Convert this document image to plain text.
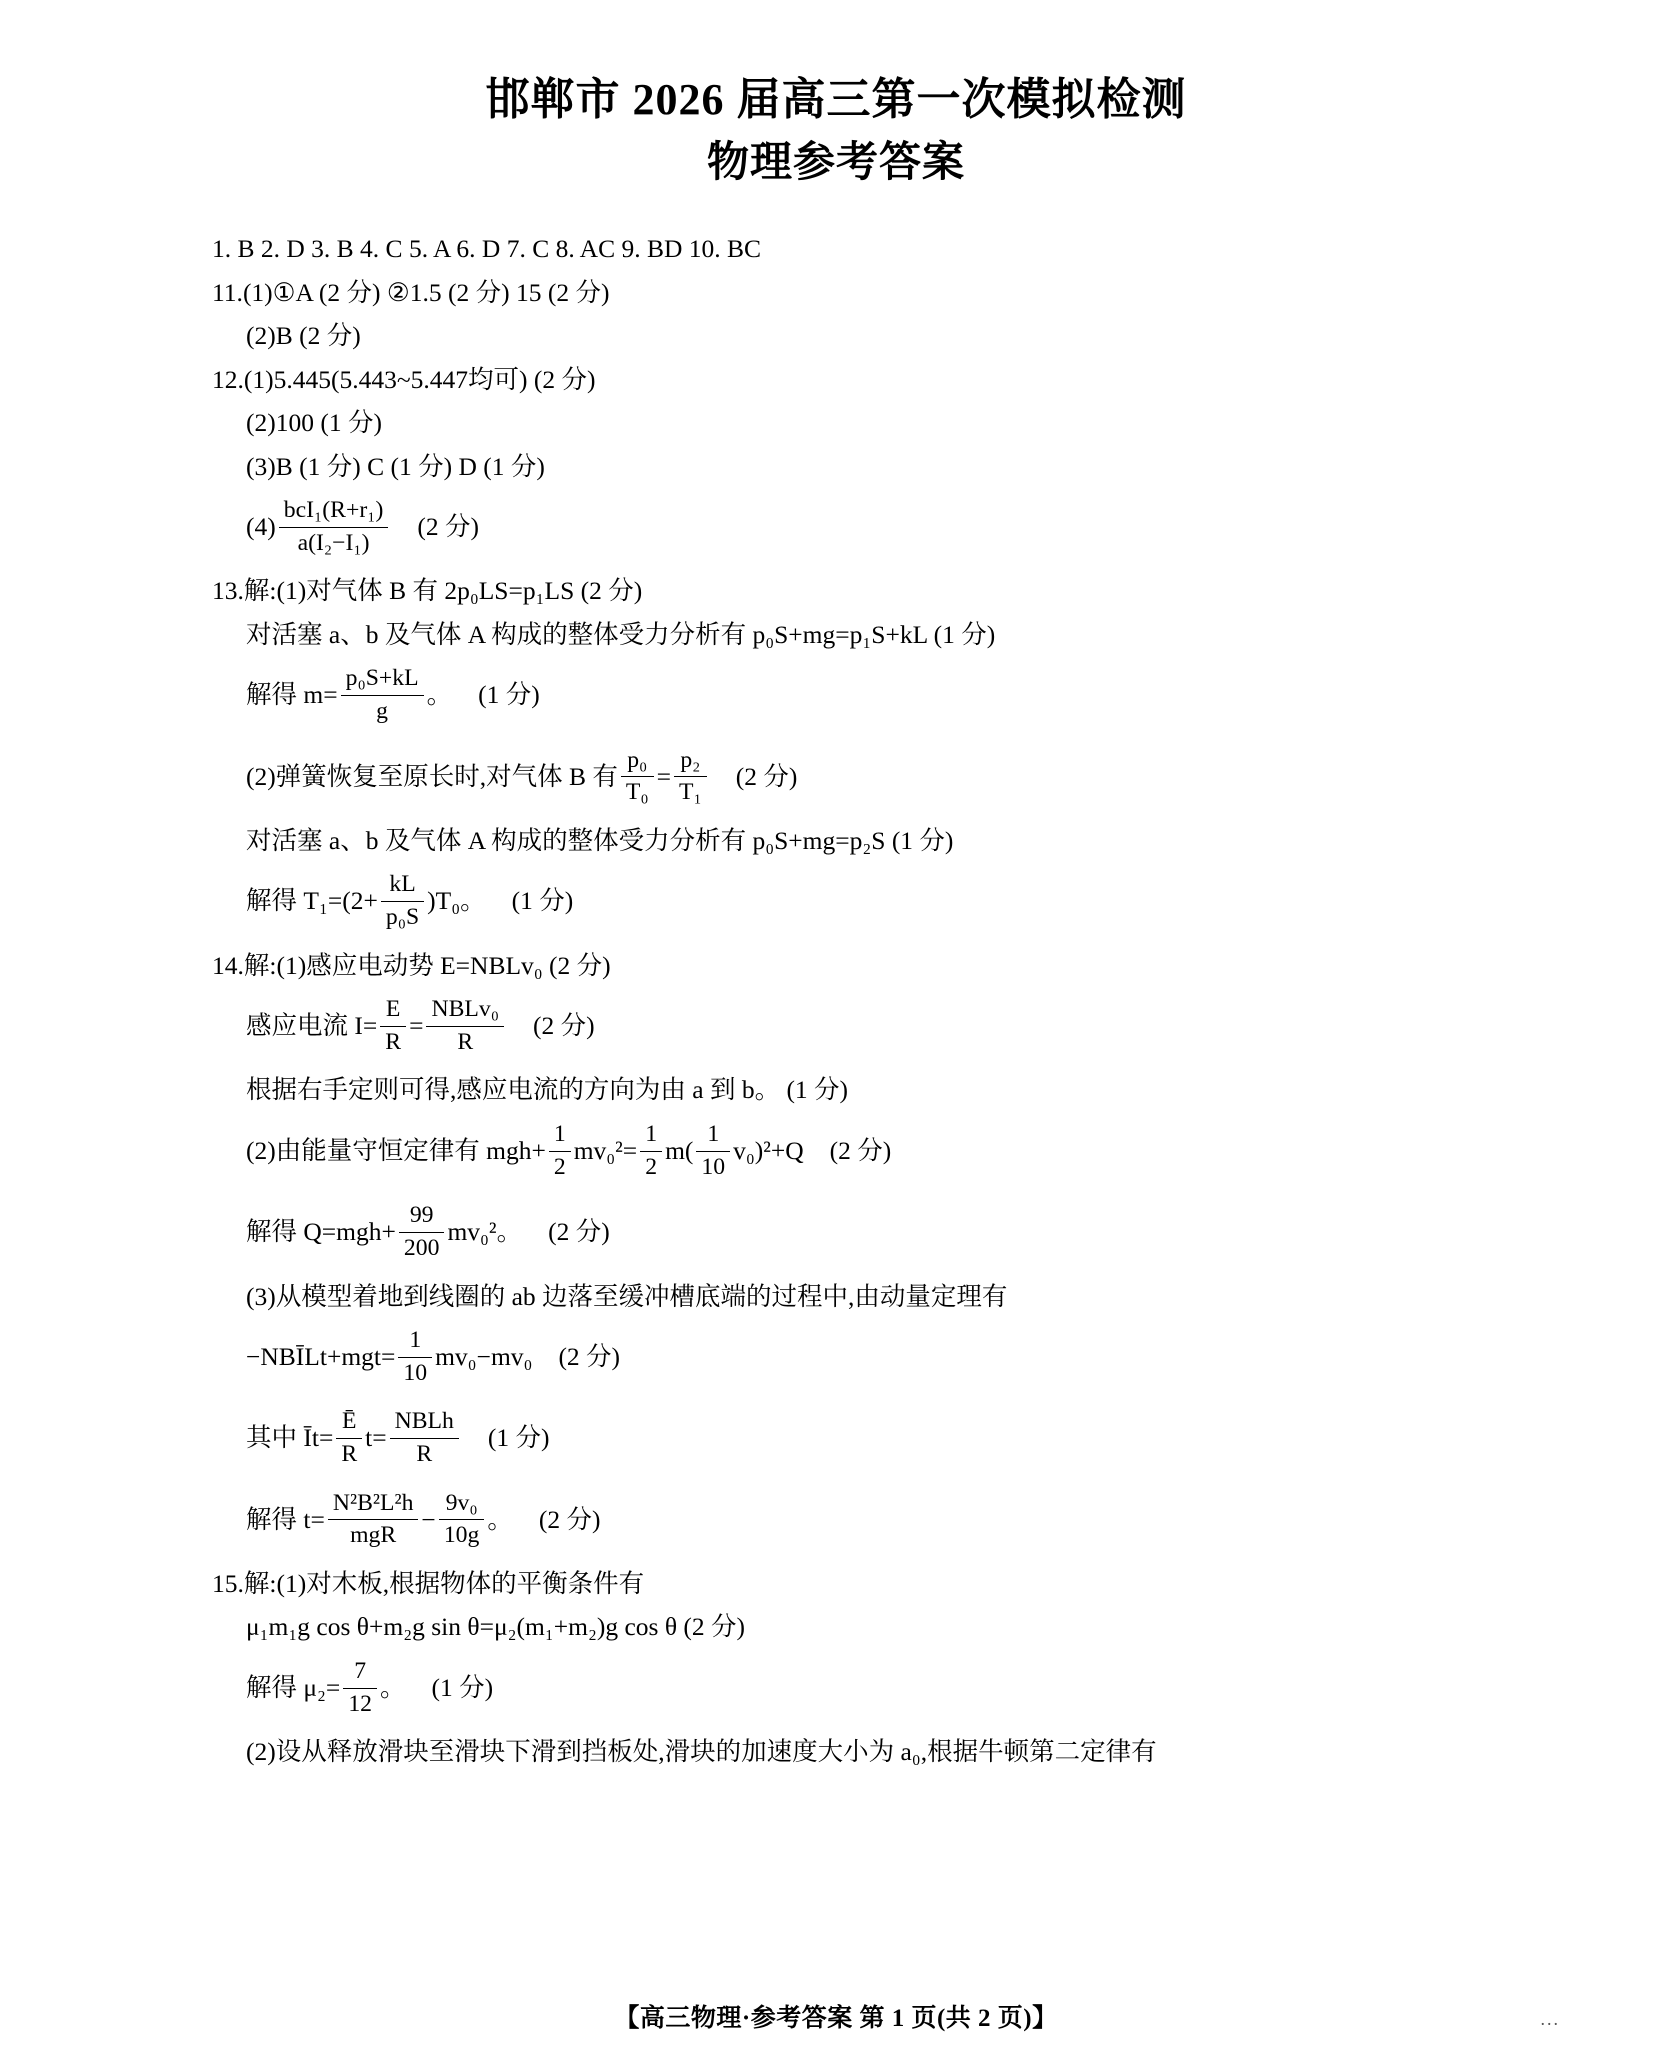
邯郸市 2026 届高三第一次模拟检测
物理参考答案
1. B 2. D 3. B 4. C 5. A 6. D 7. C 8. AC 9. BD 10. BC
11.(1)①A (2 分) ②1.5 (2 分) 15 (2 分)
(2)B (2 分)
12.(1)5.445(5.443~5.447均可) (2 分)
(2)100 (1 分)
(3)B (1 分) C (1 分) D (1 分)
$(4) \frac{\text{bcI₁(R+r₁)}}{\text{a(I₂−I₁)}} (2$ 分)
13.解:(1)对气体 B 有 2p₀LS=p₁LS (2 分)
对活塞 a、b 及气体 A 构成的整体受力分析有 p₀S+mg=p₁S+kL (1 分)
解得 $m= \frac{\text{p₀S+kL}}{g}$ 。 (1 分)
(2)弹簧恢复至原长时,对气体 B 有 $\frac{\text{p₀}}{\text{T₀}} = \frac{\text{p₂}}{\text{T₁}} (2$ 分)
对活塞 a、b 及气体 A 构成的整体受力分析有 p₀S+mg=p₂S (1 分)
解得 $T_1=(2+ \frac{kL}{\text{p₀S}} )T_0$。 (1 分)
14.解:(1)感应电动势 E=NBLv₀ (2 分)
感应电流 $I= \frac{E}{R} = \frac{\text{NBLv₀}}{R} (2$ 分)
根据右手定则可得,感应电流的方向为由 a 到 b。 (1 分)
(2)由能量守恒定律有 $mgh+ \frac{1}{2} mv_0^2= \frac{1}{2} m( \frac{1}{10} v_0)^2+Q$ (2 分)
解得 $Q=mgh+ \frac{99}{200} mv_0^2$。 (2 分)
(3)从模型着地到线圈的 ab 边落至缓冲槽底端的过程中,由动量定理有
−NBĪLt+mgt= $\frac{1}{10} mv_0-mv_0$ (2 分)
其中 Īt= $\frac{Ē}{R} t= \frac{\text{NBLh}}{R} (1$ 分)
解得 $t= \frac{\text{N²B²L²h}}{\text{mgR}} - \frac{\text{9v₀}}{10g}$ 。 (2 分)
15.解:(1)对木板,根据物体的平衡条件有
μ₁m₁g cos θ+m₂g sin θ=μ₂(m₁+m₂)g cos θ (2 分)
解得 $\mu_2= \frac{7}{12}$ 。 (1 分)
(2)设从释放滑块至滑块下滑到挡板处,滑块的加速度大小为 a₀,根据牛顿第二定律有
【高三物理·参考答案 第 1 页(共 2 页)】	...
